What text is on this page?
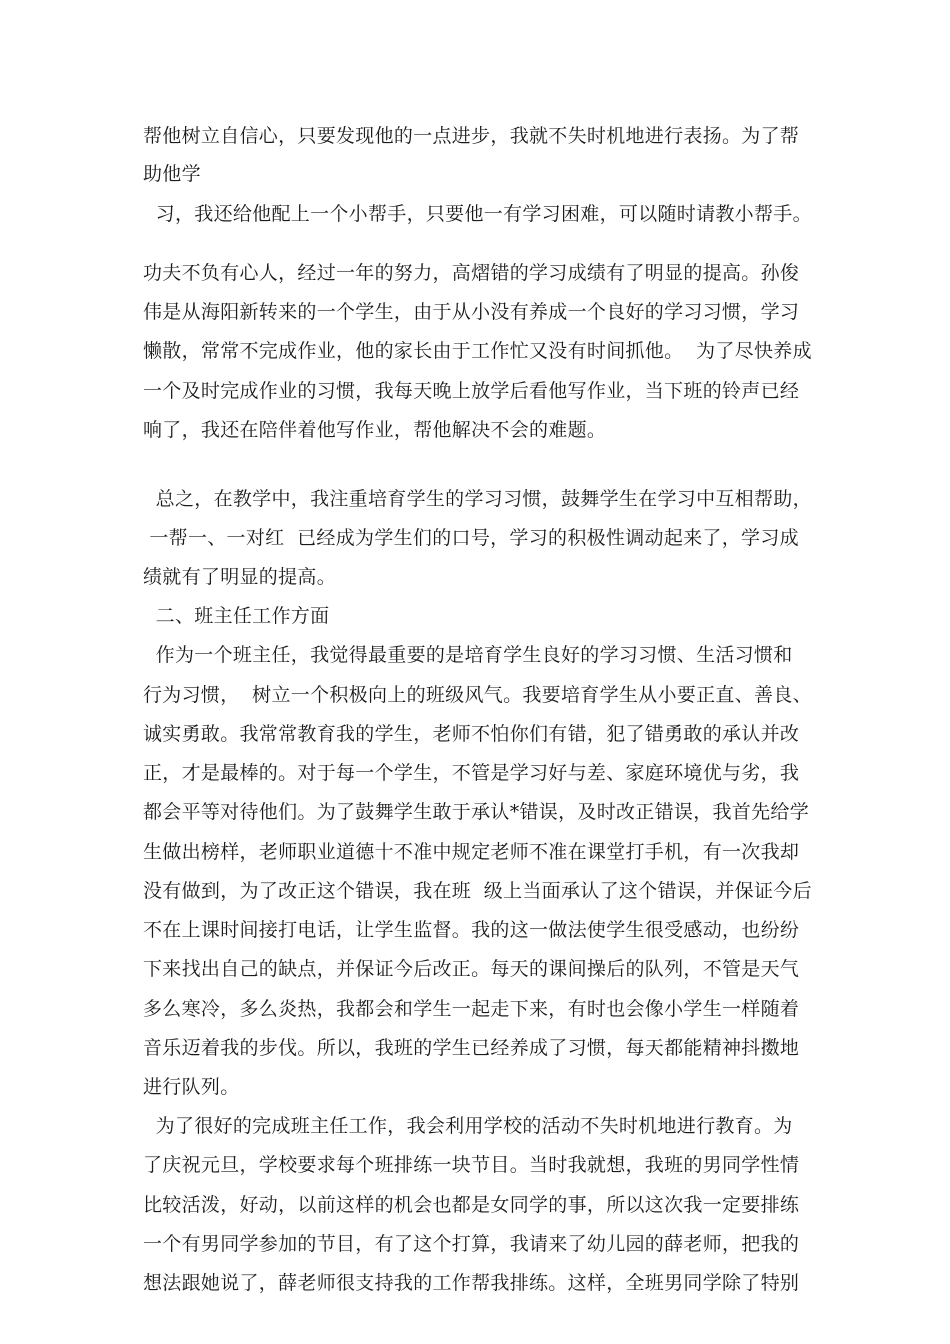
帮他树立自信心，只要发现他的一点进步，我就不失时机地进行表扬。为了帮
助他学
习，我还给他配上一个小帮手，只要他一有学习困难，可以随时请教小帮手。
功夫不负有心人，经过一年的努力，高熠错的学习成绩有了明显的提高。孙俊
伟是从海阳新转来的一个学生，由于从小没有养成一个良好的学习习惯，学习
懒散，常常不完成作业，他的家长由于工作忙又没有时间抓他。  为了尽快养成
一个及时完成作业的习惯，我每天晚上放学后看他写作业，当下班的铃声已经
响了，我还在陪伴着他写作业，帮他解决不会的难题。
总之，在教学中，我注重培育学生的学习习惯，鼓舞学生在学习中互相帮助，
一帮一、一对红  已经成为学生们的口号，学习的积极性调动起来了，学习成
绩就有了明显的提高。
二、班主任工作方面
作为一个班主任，我觉得最重要的是培育学生良好的学习习惯、生活习惯和
行为习惯，  树立一个积极向上的班级风气。我要培育学生从小要正直、善良、
诚实勇敢。我常常教育我的学生，老师不怕你们有错，犯了错勇敢的承认并改
正，才是最棒的。对于每一个学生，不管是学习好与差、家庭环境优与劣，我
都会平等对待他们。为了鼓舞学生敢于承认*错误，及时改正错误，我首先给学
生做出榜样，老师职业道德十不准中规定老师不准在课堂打手机，有一次我却
没有做到，为了改正这个错误，我在班  级上当面承认了这个错误，并保证今后
不在上课时间接打电话，让学生监督。我的这一做法使学生很受感动，也纷纷
下来找出自己的缺点，并保证今后改正。每天的课间操后的队列，不管是天气
多么寒冷，多么炎热，我都会和学生一起走下来，有时也会像小学生一样随着
音乐迈着我的步伐。所以，我班的学生已经养成了习惯，每天都能精神抖擞地
进行队列。
为了很好的完成班主任工作，我会利用学校的活动不失时机地进行教育。为
了庆祝元旦，学校要求每个班排练一块节目。当时我就想，我班的男同学性情
比较活泼，好动，以前这样的机会也都是女同学的事，所以这次我一定要排练
一个有男同学参加的节目，有了这个打算，我请来了幼儿园的薛老师，把我的
想法跟她说了，薛老师很支持我的工作帮我排练。这样，全班男同学除了特别
